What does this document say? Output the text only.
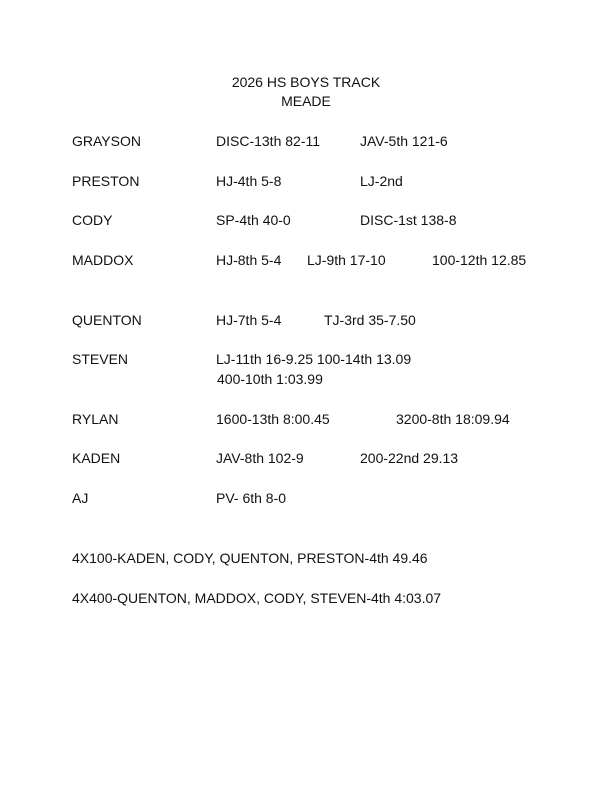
2026 HS BOYS TRACK
MEADE
GRAYSON	DISC-13th 82-11	JAV-5th 121-6
PRESTON	HJ-4th 5-8	LJ-2nd
CODY	SP-4th 40-0	DISC-1st 138-8
MADDOX	HJ-8th 5-4 LJ-9th 17-10	100-12th 12.85
QUENTON	HJ-7th 5-4	TJ-3rd 35-7.50
STEVEN	LJ-11th 16-9.25 100-14th 13.09
400-10th 1:03.99
RYLAN	1600-13th 8:00.45	3200-8th 18:09.94
KADEN	JAV-8th 102-9	200-22nd 29.13
AJ	PV- 6th 8-0
4X100-KADEN, CODY, QUENTON, PRESTON-4th 49.46
4X400-QUENTON, MADDOX, CODY, STEVEN-4th 4:03.07
